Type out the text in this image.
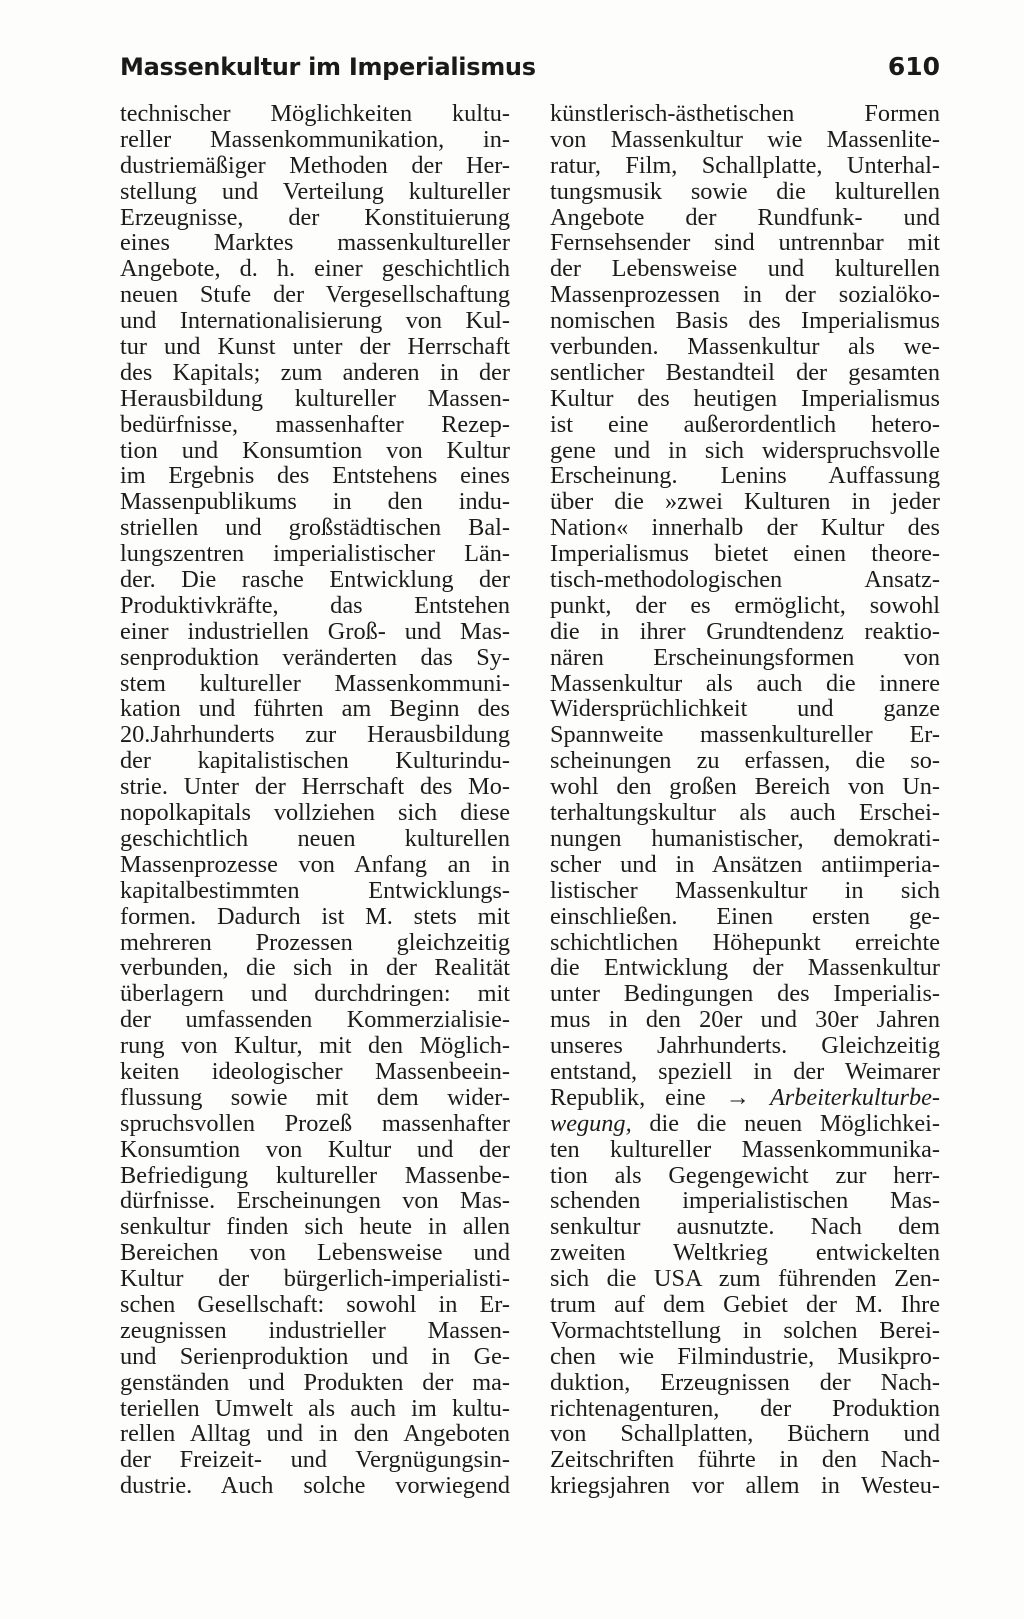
Massenkultur im Imperialismus	610
technischer Möglichkeiten kultu-
reller Massenkommunikation, in-
dustriemäßiger Methoden der Her-
stellung und Verteilung kultureller
Erzeugnisse, der Konstituierung
eines Marktes massenkultureller
Angebote, d. h. einer geschichtlich
neuen Stufe der Vergesellschaftung
und Internationalisierung von Kul-
tur und Kunst unter der Herrschaft
des Kapitals; zum anderen in der
Herausbildung kultureller Massen-
bedürfnisse, massenhafter Rezep-
tion und Konsumtion von Kultur
im Ergebnis des Entstehens eines
Massenpublikums in den indu-
striellen und großstädtischen Bal-
lungszentren imperialistischer Län-
der. Die rasche Entwicklung der
Produktivkräfte, das Entstehen
einer industriellen Groß- und Mas-
senproduktion veränderten das Sy-
stem kultureller Massenkommuni-
kation und führten am Beginn des
20.Jahrhunderts zur Herausbildung
der kapitalistischen Kulturindu-
strie. Unter der Herrschaft des Mo-
nopolkapitals vollziehen sich diese
geschichtlich neuen kulturellen
Massenprozesse von Anfang an in
kapitalbestimmten Entwicklungs-
formen. Dadurch ist M. stets mit
mehreren Prozessen gleichzeitig
verbunden, die sich in der Realität
überlagern und durchdringen: mit
der umfassenden Kommerzialisie-
rung von Kultur, mit den Möglich-
keiten ideologischer Massenbeein-
flussung sowie mit dem wider-
spruchsvollen Prozeß massenhafter
Konsumtion von Kultur und der
Befriedigung kultureller Massenbe-
dürfnisse. Erscheinungen von Mas-
senkultur finden sich heute in allen
Bereichen von Lebensweise und
Kultur der bürgerlich-imperialisti-
schen Gesellschaft: sowohl in Er-
zeugnissen industrieller Massen-
und Serienproduktion und in Ge-
genständen und Produkten der ma-
teriellen Umwelt als auch im kultu-
rellen Alltag und in den Angeboten
der Freizeit- und Vergnügungsin-
dustrie. Auch solche vorwiegend
künstlerisch-ästhetischen Formen
von Massenkultur wie Massenlite-
ratur, Film, Schallplatte, Unterhal-
tungsmusik sowie die kulturellen
Angebote der Rundfunk- und
Fernsehsender sind untrennbar mit
der Lebensweise und kulturellen
Massenprozessen in der sozialöko-
nomischen Basis des Imperialismus
verbunden. Massenkultur als we-
sentlicher Bestandteil der gesamten
Kultur des heutigen Imperialismus
ist eine außerordentlich hetero-
gene und in sich widerspruchsvolle
Erscheinung. Lenins Auffassung
über die »zwei Kulturen in jeder
Nation« innerhalb der Kultur des
Imperialismus bietet einen theore-
tisch-methodologischen Ansatz-
punkt, der es ermöglicht, sowohl
die in ihrer Grundtendenz reaktio-
nären Erscheinungsformen von
Massenkultur als auch die innere
Widersprüchlichkeit und ganze
Spannweite massenkultureller Er-
scheinungen zu erfassen, die so-
wohl den großen Bereich von Un-
terhaltungskultur als auch Erschei-
nungen humanistischer, demokrati-
scher und in Ansätzen antiimperia-
listischer Massenkultur in sich
einschließen. Einen ersten ge-
schichtlichen Höhepunkt erreichte
die Entwicklung der Massenkultur
unter Bedingungen des Imperialis-
mus in den 20er und 30er Jahren
unseres Jahrhunderts. Gleichzeitig
entstand, speziell in der Weimarer
Republik, eine → Arbeiterkulturbe-
wegung, die die neuen Möglichkei-
ten kultureller Massenkommunika-
tion als Gegengewicht zur herr-
schenden imperialistischen Mas-
senkultur ausnutzte. Nach dem
zweiten Weltkrieg entwickelten
sich die USA zum führenden Zen-
trum auf dem Gebiet der M. Ihre
Vormachtstellung in solchen Berei-
chen wie Filmindustrie, Musikpro-
duktion, Erzeugnissen der Nach-
richtenagenturen, der Produktion
von Schallplatten, Büchern und
Zeitschriften führte in den Nach-
kriegsjahren vor allem in Westeu-
